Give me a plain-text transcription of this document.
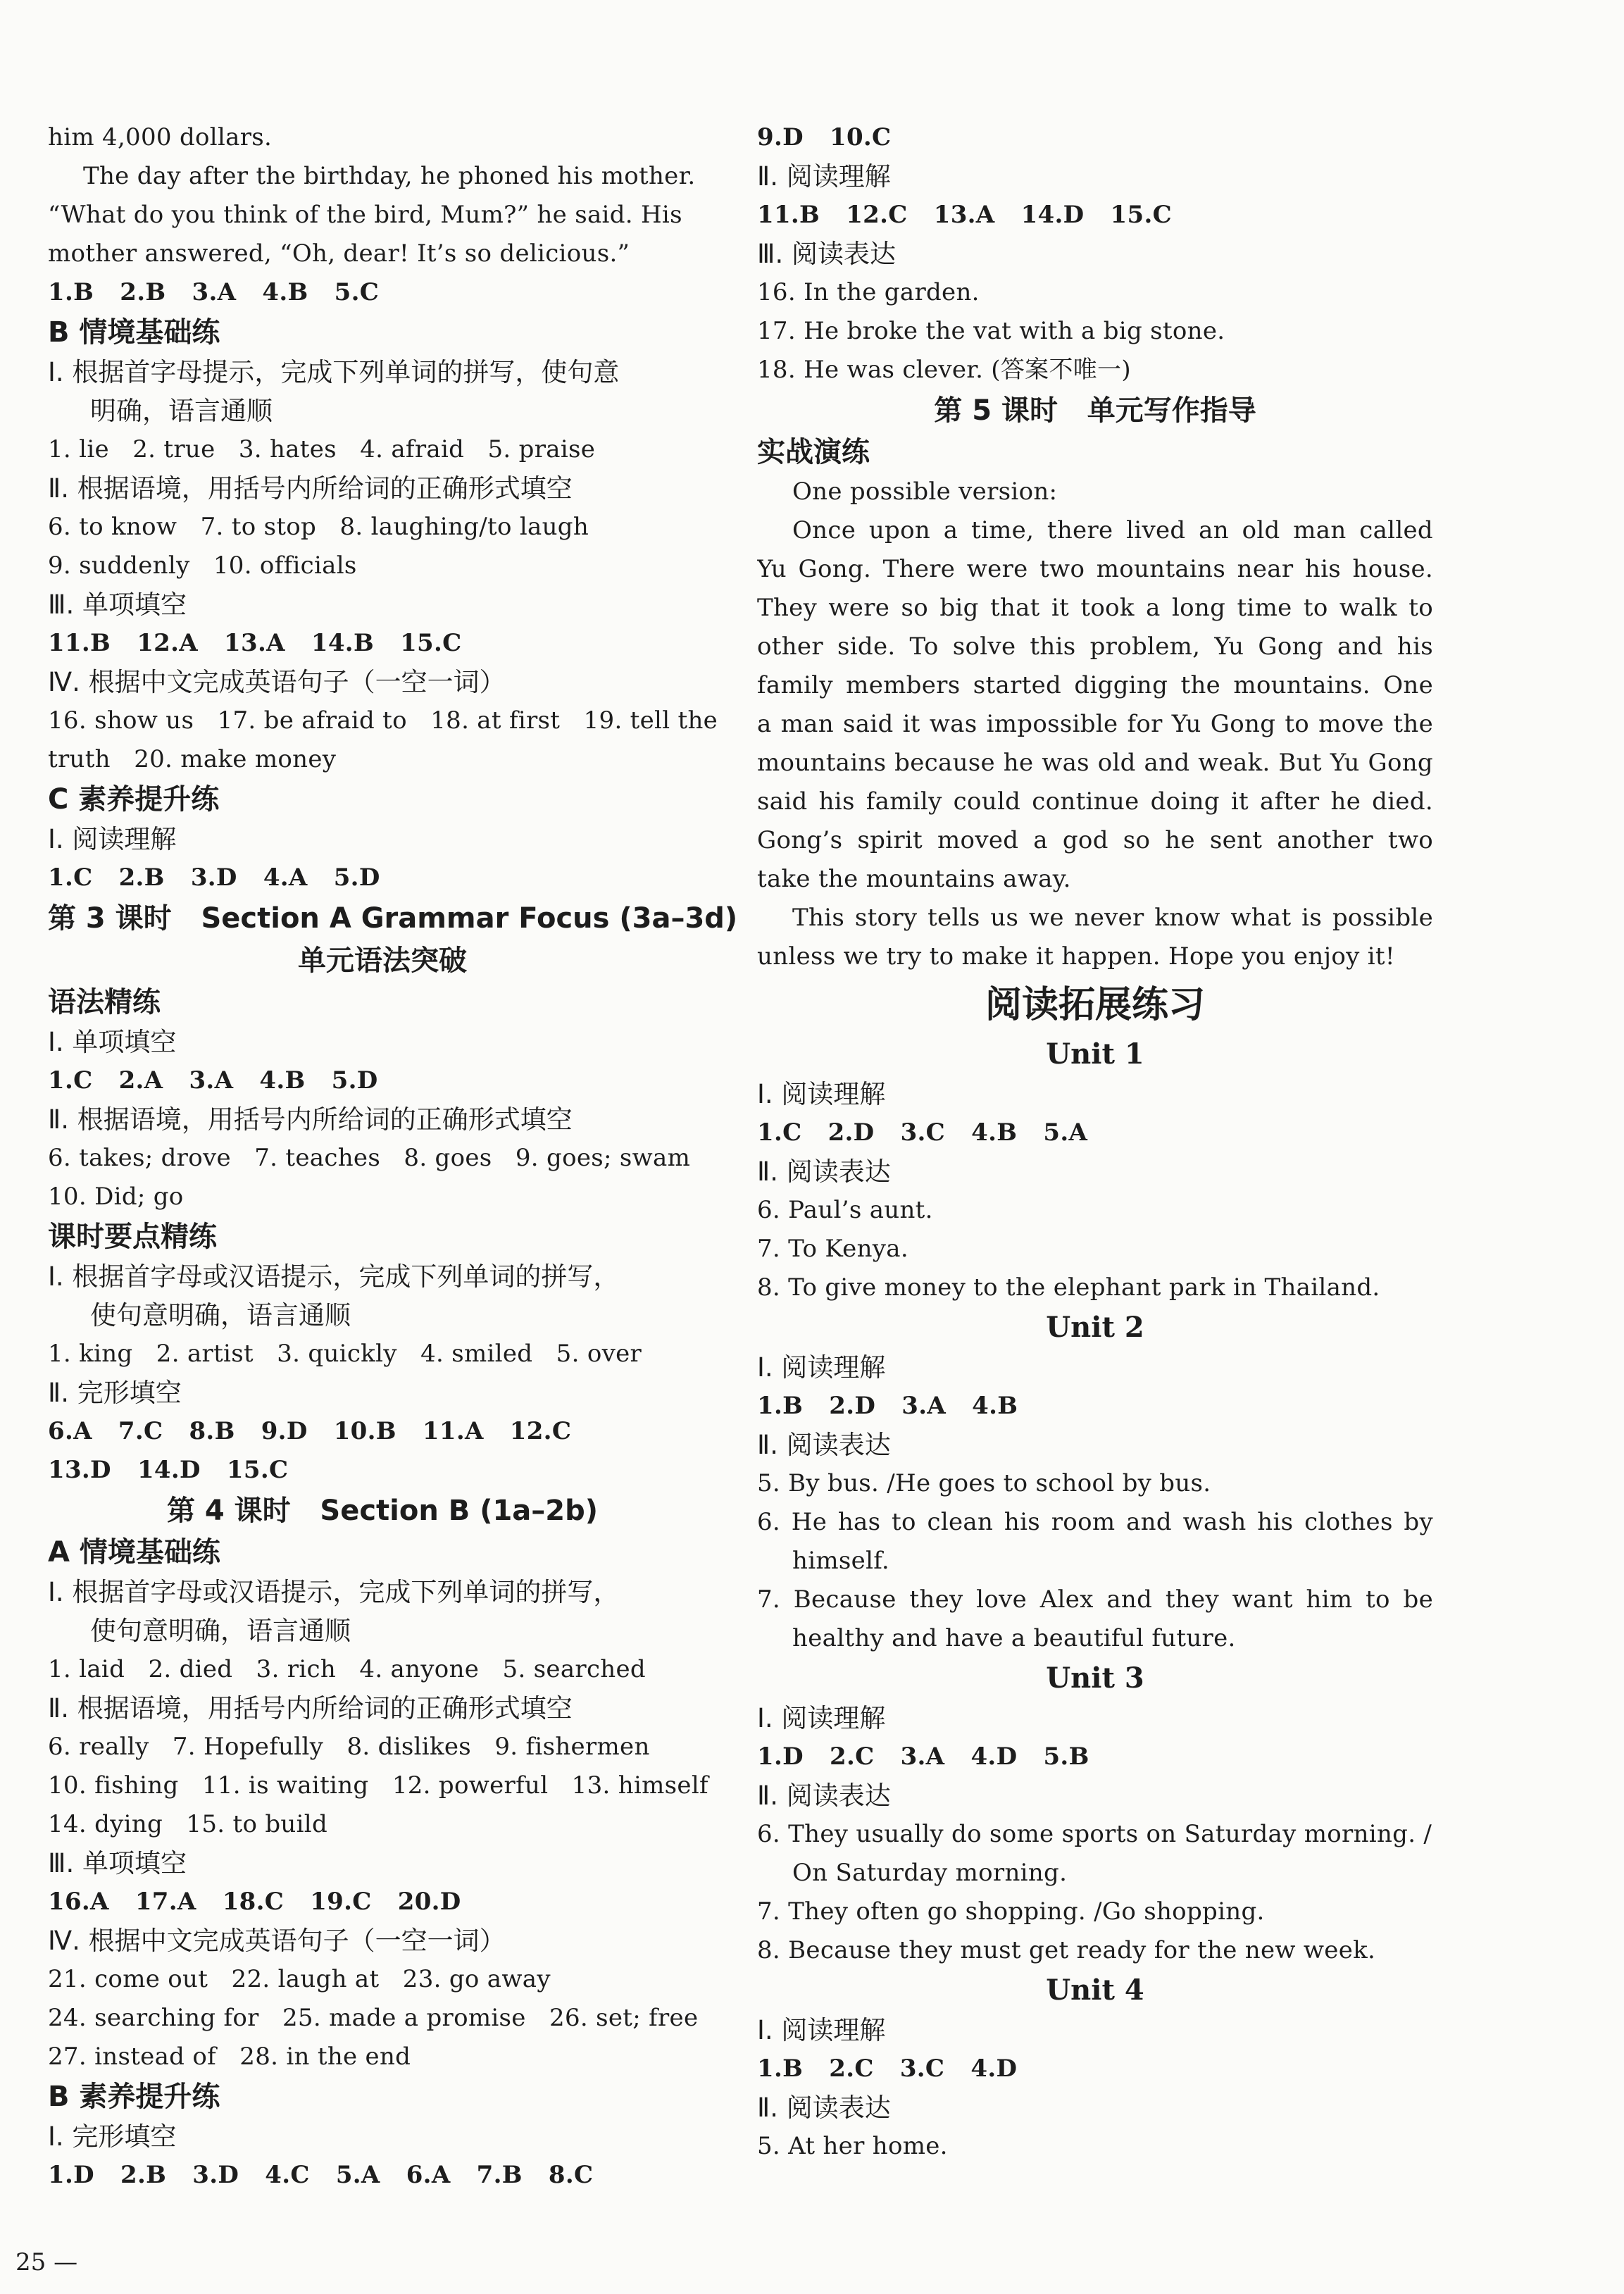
him 4,000 dollars.
The day after the birthday, he phoned his mother.
“What do you think of the bird, Mum?” he said. His
mother answered, “Oh, dear! It’s so delicious.”
1.B 2.B 3.A 4.B 5.C
B 情境基础练
Ⅰ. 根据首字母提示，完成下列单词的拼写，使句意
明确，语言通顺
1. lie   2. true   3. hates   4. afraid   5. praise
Ⅱ. 根据语境，用括号内所给词的正确形式填空
6. to know   7. to stop   8. laughing/to laugh
9. suddenly   10. officials
Ⅲ. 单项填空
11.B 12.A 13.A 14.B 15.C
Ⅳ. 根据中文完成英语句子（一空一词）
16. show us   17. be afraid to   18. at first   19. tell the
truth   20. make money
C 素养提升练
Ⅰ. 阅读理解
1.C 2.B 3.D 4.A 5.D
第 3 课时   Section A Grammar Focus (3a–3d)
单元语法突破
语法精练
Ⅰ. 单项填空
1.C 2.A 3.A 4.B 5.D
Ⅱ. 根据语境，用括号内所给词的正确形式填空
6. takes; drove   7. teaches   8. goes   9. goes; swam
10. Did; go
课时要点精练
Ⅰ. 根据首字母或汉语提示，完成下列单词的拼写，
使句意明确，语言通顺
1. king   2. artist   3. quickly   4. smiled   5. over
Ⅱ. 完形填空
6.A 7.C 8.B 9.D 10.B 11.A 12.C
13.D 14.D 15.C
第 4 课时   Section B (1a–2b)
A 情境基础练
Ⅰ. 根据首字母或汉语提示，完成下列单词的拼写，
使句意明确，语言通顺
1. laid   2. died   3. rich   4. anyone   5. searched
Ⅱ. 根据语境，用括号内所给词的正确形式填空
6. really   7. Hopefully   8. dislikes   9. fishermen
10. fishing   11. is waiting   12. powerful   13. himself
14. dying   15. to build
Ⅲ. 单项填空
16.A 17.A 18.C 19.C 20.D
Ⅳ. 根据中文完成英语句子（一空一词）
21. come out   22. laugh at   23. go away
24. searching for   25. made a promise   26. set; free
27. instead of   28. in the end
B 素养提升练
Ⅰ. 完形填空
1.D 2.B 3.D 4.C 5.A 6.A 7.B 8.C
9.D 10.C
Ⅱ. 阅读理解
11.B 12.C 13.A 14.D 15.C
Ⅲ. 阅读表达
16. In the garden.
17. He broke the vat with a big stone.
18. He was clever. (答案不唯一)
第 5 课时   单元写作指导
实战演练
One possible version:
Once upon a time, there lived an old man called
Yu Gong. There were two mountains near his house.
They were so big that it took a long time to walk to
other side. To solve this problem, Yu Gong and his
family members started digging the mountains. One
a man said it was impossible for Yu Gong to move the
mountains because he was old and weak. But Yu Gong
said his family could continue doing it after he died.
Gong’s spirit moved a god so he sent another two
take the mountains away.
This story tells us we never know what is possible
unless we try to make it happen. Hope you enjoy it!
阅读拓展练习
Unit 1
Ⅰ. 阅读理解
1.C 2.D 3.C 4.B 5.A
Ⅱ. 阅读表达
6. Paul’s aunt.
7. To Kenya.
8. To give money to the elephant park in Thailand.
Unit 2
Ⅰ. 阅读理解
1.B 2.D 3.A 4.B
Ⅱ. 阅读表达
5. By bus. /He goes to school by bus.
6. He has to clean his room and wash his clothes by
himself.
7. Because they love Alex and they want him to be
healthy and have a beautiful future.
Unit 3
Ⅰ. 阅读理解
1.D 2.C 3.A 4.D 5.B
Ⅱ. 阅读表达
6. They usually do some sports on Saturday morning. /
On Saturday morning.
7. They often go shopping. /Go shopping.
8. Because they must get ready for the new week.
Unit 4
Ⅰ. 阅读理解
1.B 2.C 3.C 4.D
Ⅱ. 阅读表达
5. At her home.
25 —
